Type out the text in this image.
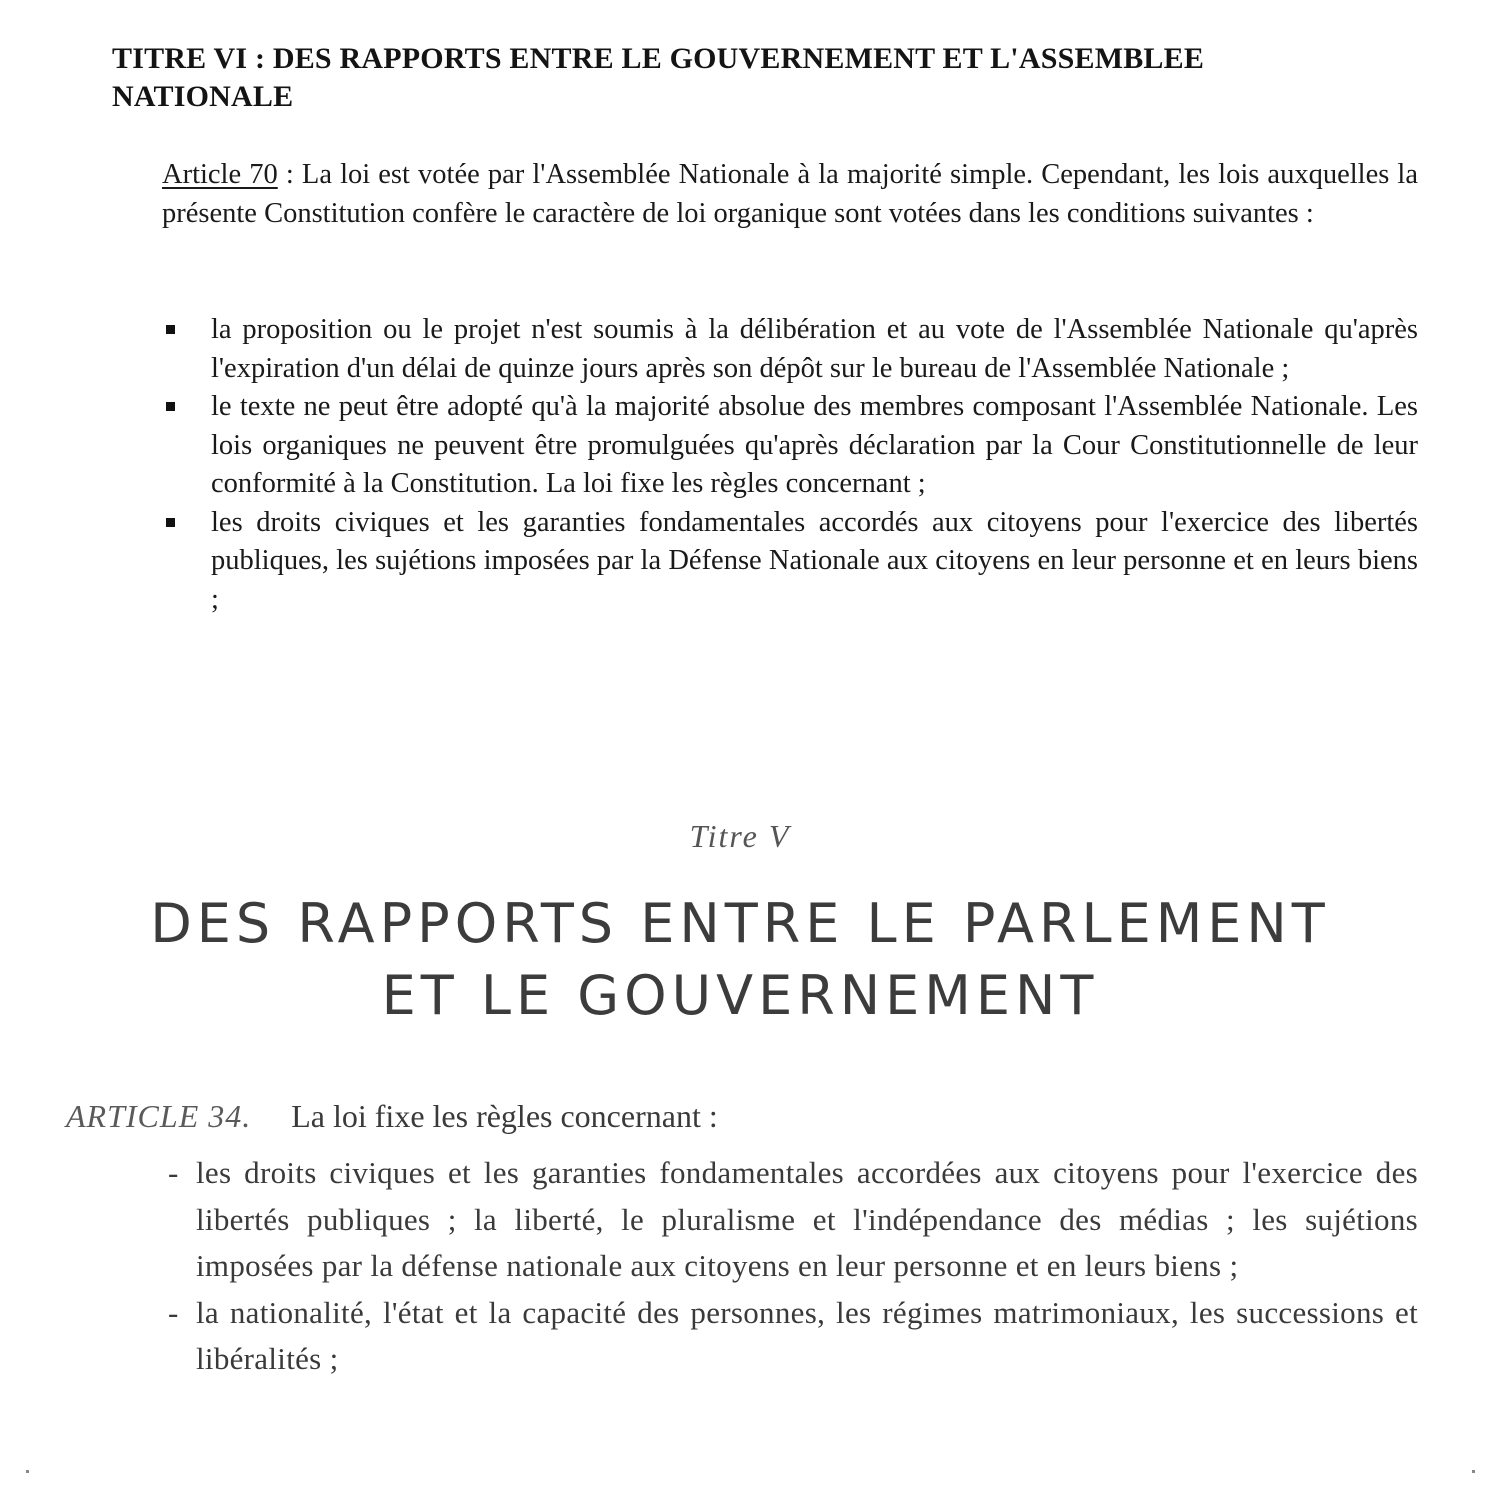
TITRE VI : DES RAPPORTS ENTRE LE GOUVERNEMENT ET L'ASSEMBLEE NATIONALE

Article 70 : La loi est votée par l'Assemblée Nationale à la majorité simple. Cependant, les lois auxquelles la présente Constitution confère le caractère de loi organique sont votées dans les conditions suivantes :

la proposition ou le projet n'est soumis à la délibération et au vote de l'Assemblée Nationale qu'après l'expiration d'un délai de quinze jours après son dépôt sur le bureau de l'Assemblée Nationale ;
le texte ne peut être adopté qu'à la majorité absolue des membres composant l'Assemblée Nationale. Les lois organiques ne peuvent être promulguées qu'après déclaration par la Cour Constitutionnelle de leur conformité à la Constitution. La loi fixe les règles concernant ;
les droits civiques et les garanties fondamentales accordés aux citoyens pour l'exercice des libertés publiques, les sujétions imposées par la Défense Nationale aux citoyens en leur personne et en leurs biens ;
Titre V
DES RAPPORTS ENTRE LE PARLEMENT
ET LE GOUVERNEMENT
ARTICLE 34. La loi fixe les règles concernant :
- les droits civiques et les garanties fondamentales accordées aux citoyens pour l'exercice des libertés publiques ; la liberté, le pluralisme et l'indépendance des médias ; les sujétions imposées par la défense nationale aux citoyens en leur personne et en leurs biens ;
- la nationalité, l'état et la capacité des personnes, les régimes matrimoniaux, les successions et libéralités ;
